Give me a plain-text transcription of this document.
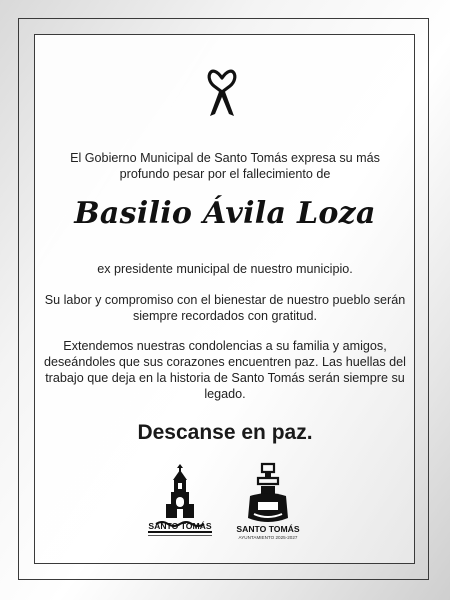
El Gobierno Municipal de Santo Tomás expresa su más profundo pesar por el fallecimiento de

Basilio Ávila Loza

ex presidente municipal de nuestro municipio.

Su labor y compromiso con el bienestar de nuestro pueblo serán siempre recordados con gratitud.

Extendemos nuestras condolencias a su familia y amigos, deseándoles que sus corazones encuentren paz. Las huellas del trabajo que deja en la historia de Santo Tomás serán siempre su legado.

Descanse en paz.

SANTO TOMÁS	SANTO TOMÁS
AYUNTAMIENTO 2025-2027
